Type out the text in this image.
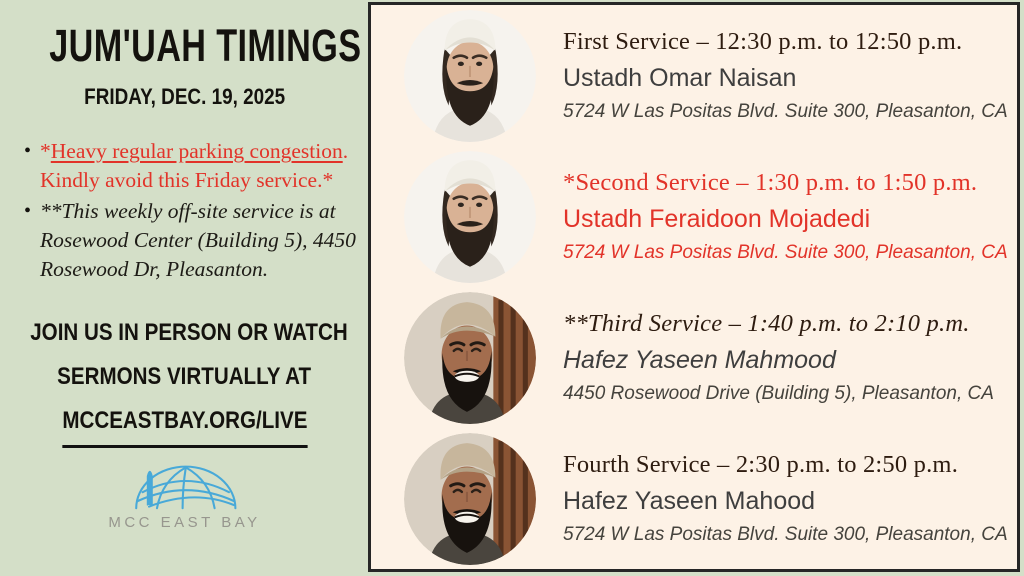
JUM'UAH TIMINGS
FRIDAY, DEC. 19, 2025
• *Heavy regular parking congestion. Kindly avoid this Friday service.*

• **This weekly off-site service is at Rosewood Center (Building 5), 4450 Rosewood Dr, Pleasanton.

JOIN US IN PERSON OR WATCH
SERMONS VIRTUALLY AT
MCCEASTBAY.ORG/LIVE
MCC EAST BAY
First Service – 12:30 p.m. to 12:50 p.m.
Ustadh Omar Naisan
5724 W Las Positas Blvd. Suite 300, Pleasanton, CA
*Second Service – 1:30 p.m. to 1:50 p.m.
Ustadh Feraidoon Mojadedi
5724 W Las Positas Blvd. Suite 300, Pleasanton, CA
**Third Service – 1:40 p.m. to 2:10 p.m.
Hafez Yaseen Mahmood
4450 Rosewood Drive (Building 5), Pleasanton, CA
Fourth Service – 2:30 p.m. to 2:50 p.m.
Hafez Yaseen Mahood
5724 W Las Positas Blvd. Suite 300, Pleasanton, CA
